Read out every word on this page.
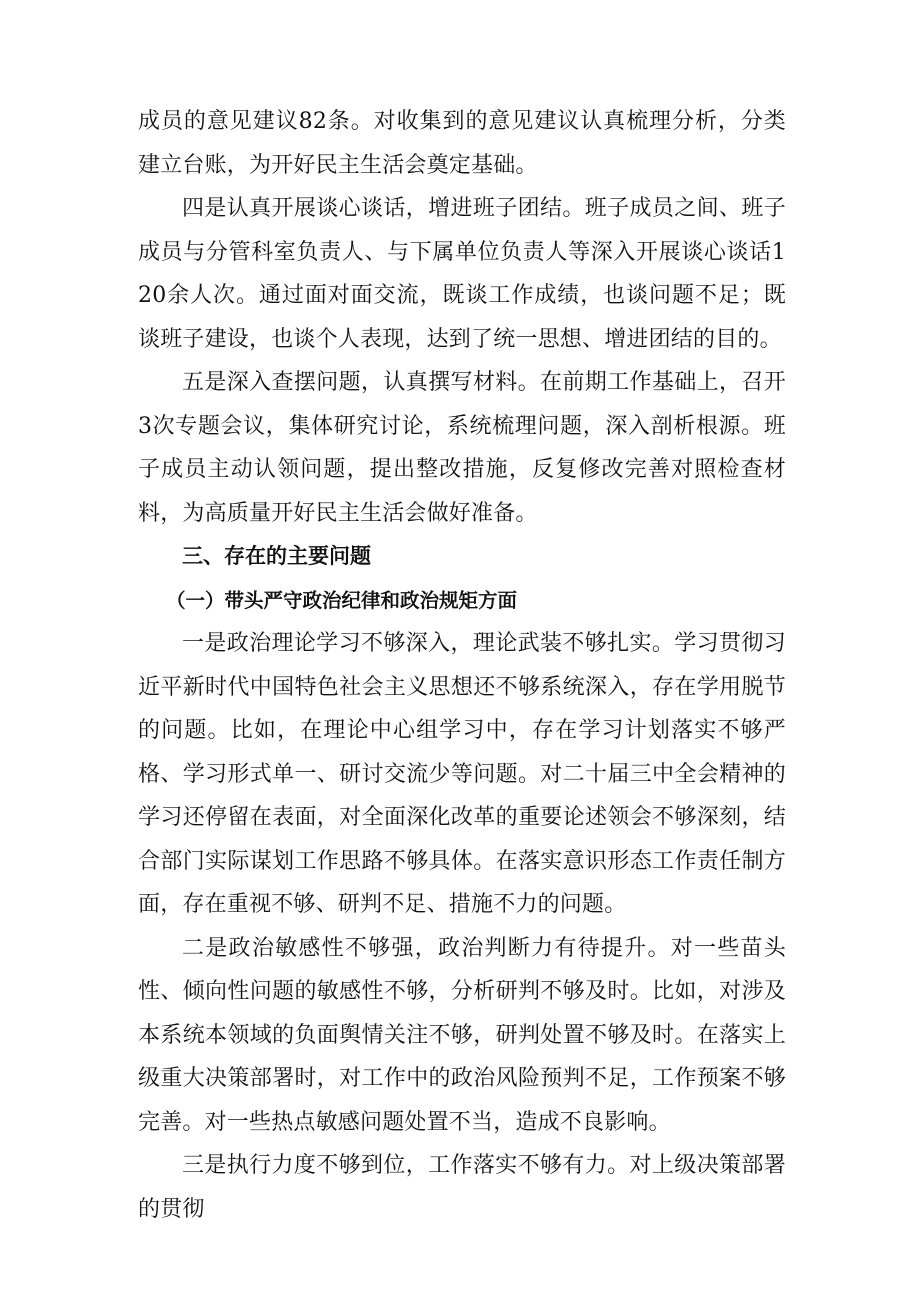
成员的意见建议82条。对收集到的意见建议认真梳理分析，分类建立台账，为开好民主生活会奠定基础。

四是认真开展谈心谈话，增进班子团结。班子成员之间、班子成员与分管科室负责人、与下属单位负责人等深入开展谈心谈话120余人次。通过面对面交流，既谈工作成绩，也谈问题不足；既谈班子建设，也谈个人表现，达到了统一思想、增进团结的目的。

五是深入查摆问题，认真撰写材料。在前期工作基础上，召开3次专题会议，集体研究讨论，系统梳理问题，深入剖析根源。班子成员主动认领问题，提出整改措施，反复修改完善对照检查材料，为高质量开好民主生活会做好准备。

三、存在的主要问题
（一）带头严守政治纪律和政治规矩方面

一是政治理论学习不够深入，理论武装不够扎实。学习贯彻习近平新时代中国特色社会主义思想还不够系统深入，存在学用脱节的问题。比如，在理论中心组学习中，存在学习计划落实不够严格、学习形式单一、研讨交流少等问题。对二十届三中全会精神的学习还停留在表面，对全面深化改革的重要论述领会不够深刻，结合部门实际谋划工作思路不够具体。在落实意识形态工作责任制方面，存在重视不够、研判不足、措施不力的问题。

二是政治敏感性不够强，政治判断力有待提升。对一些苗头性、倾向性问题的敏感性不够，分析研判不够及时。比如，对涉及本系统本领域的负面舆情关注不够，研判处置不够及时。在落实上级重大决策部署时，对工作中的政治风险预判不足，工作预案不够完善。对一些热点敏感问题处置不当，造成不良影响。

三是执行力度不够到位，工作落实不够有力。对上级决策部署的贯彻
